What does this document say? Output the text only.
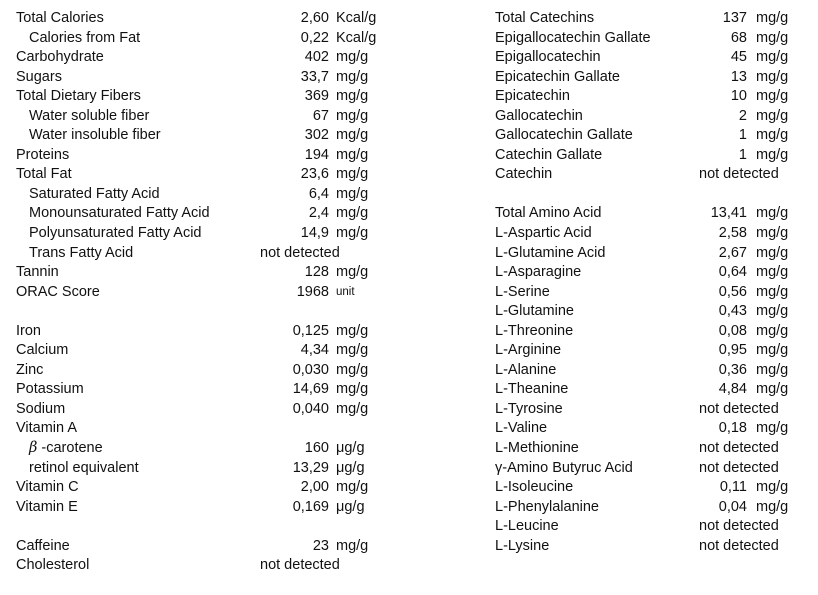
Total Calories	2,60 Kcal/g
Calories from Fat	0,22 Kcal/g
Carbohydrate	402 mg/g
Sugars	33,7 mg/g
Total Dietary Fibers	369 mg/g
Water soluble fiber	67 mg/g
Water insoluble fiber	302 mg/g
Proteins	194 mg/g
Total Fat	23,6 mg/g
Saturated Fatty Acid	6,4 mg/g
Monounsaturated Fatty Acid	2,4 mg/g
Polyunsaturated Fatty Acid	14,9 mg/g
Trans Fatty Acid	not detected
Tannin	128 mg/g
ORAC Score	1968 unit
Iron	0,125 mg/g
Calcium	4,34 mg/g
Zinc	0,030 mg/g
Potassium	14,69 mg/g
Sodium	0,040 mg/g
Vitamin A
β -carotene	160 μg/g
retinol equivalent	13,29 μg/g
Vitamin C	2,00 mg/g
Vitamin E	0,169 μg/g
Caffeine	23 mg/g
Cholesterol	not detected
Total Catechins	137 mg/g
Epigallocatechin Gallate	68 mg/g
Epigallocatechin	45 mg/g
Epicatechin Gallate	13 mg/g
Epicatechin	10 mg/g
Gallocatechin	2 mg/g
Gallocatechin Gallate	1 mg/g
Catechin Gallate	1 mg/g
Catechin	not detected
Total Amino Acid	13,41 mg/g
L-Aspartic Acid	2,58 mg/g
L-Glutamine Acid	2,67 mg/g
L-Asparagine	0,64 mg/g
L-Serine	0,56 mg/g
L-Glutamine	0,43 mg/g
L-Threonine	0,08 mg/g
L-Arginine	0,95 mg/g
L-Alanine	0,36 mg/g
L-Theanine	4,84 mg/g
L-Tyrosine	not detected
L-Valine	0,18 mg/g
L-Methionine	not detected
γ-Amino Butyruc Acid	not detected
L-Isoleucine	0,11 mg/g
L-Phenylalanine	0,04 mg/g
L-Leucine	not detected
L-Lysine	not detected
